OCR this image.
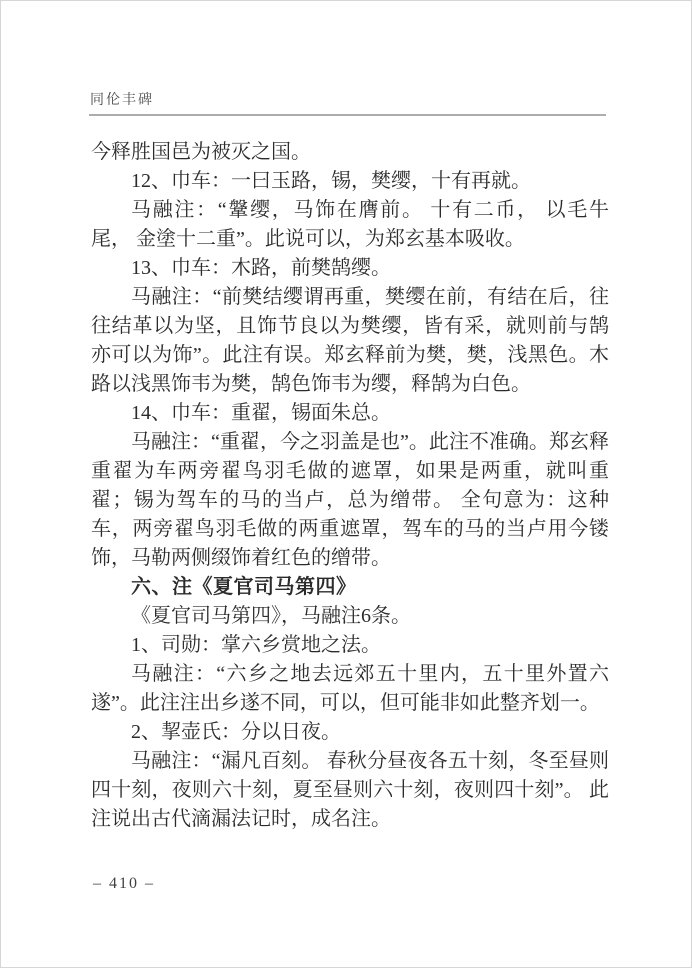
同伦丰碑

今释胜国邑为被灭之国。

12、巾车：一曰玉路，锡，樊缨，十有再就。

马融注：“鞶缨，马饰在膺前。 十有二币， 以毛牛尾， 金塗十二重”。此说可以，为郑玄基本吸收。

13、巾车：木路，前樊鹄缨。

马融注：“前樊结缨谓再重，樊缨在前，有结在后，往往结革以为坚，且饰节良以为樊缨，皆有采，就则前与鹄亦可以为饰”。此注有误。郑玄释前为樊，樊，浅黑色。木路以浅黑饰韦为樊，鹄色饰韦为缨，释鹄为白色。

14、巾车：重翟，锡面朱总。

马融注：“重翟，今之羽盖是也”。此注不准确。郑玄释重翟为车两旁翟鸟羽毛做的遮罩，如果是两重，就叫重翟；锡为驾车的马的当卢，总为缯带。 全句意为：这种车，两旁翟鸟羽毛做的两重遮罩，驾车的马的当卢用今镂饰，马勒两侧缀饰着红色的缯带。

六、注《夏官司马第四》

《夏官司马第四》，马融注6条。

1、司勋：掌六乡赏地之法。

马融注：“六乡之地去远郊五十里内，五十里外置六遂”。此注注出乡遂不同，可以，但可能非如此整齐划一。

2、挈壶氏：分以日夜。

马融注：“漏凡百刻。 春秋分昼夜各五十刻，冬至昼则四十刻，夜则六十刻，夏至昼则六十刻，夜则四十刻”。 此注说出古代滴漏法记时，成名注。

– 410 –
